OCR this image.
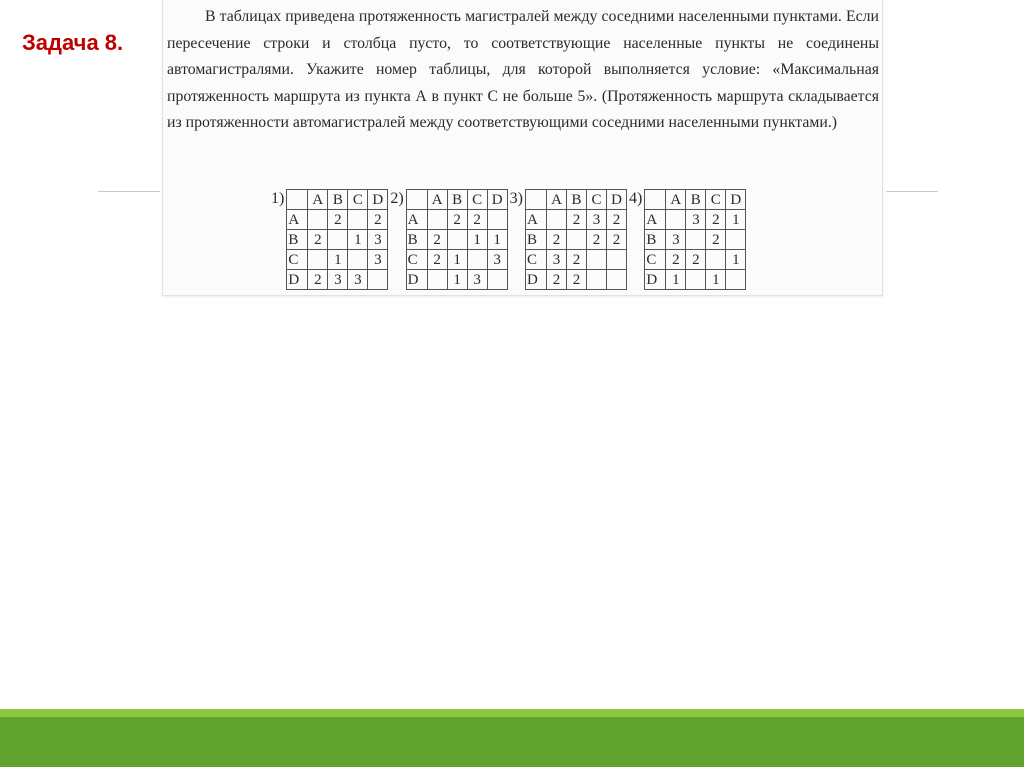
Задача 8.

В таблицах приведена протяженность магистралей между соседними населенными пунктами. Если пересечение строки и столбца пусто, то соответствующие населенные пункты не соединены автомагистралями. Укажите номер таблицы, для которой выполняется условие: «Максимальная протяженность маршрута из пункта А в пункт С не больше 5». (Протяженность маршрута складывается из протяженности автомагистралей между соответствующими соседними населенными пунктами.)

1)
	A	B	C	D
A		2		2
B	2		1	3
C		1		3
D	2	3	3	
2)
	A	B	C	D
A		2	2	
B	2		1	1
C	2	1		3
D		1	3	
3)
	A	B	C	D
A		2	3	2
B	2		2	2
C	3	2		
D	2	2		
4)
	A	B	C	D
A		3	2	1
B	3		2	
C	2	2		1
D	1		1	
